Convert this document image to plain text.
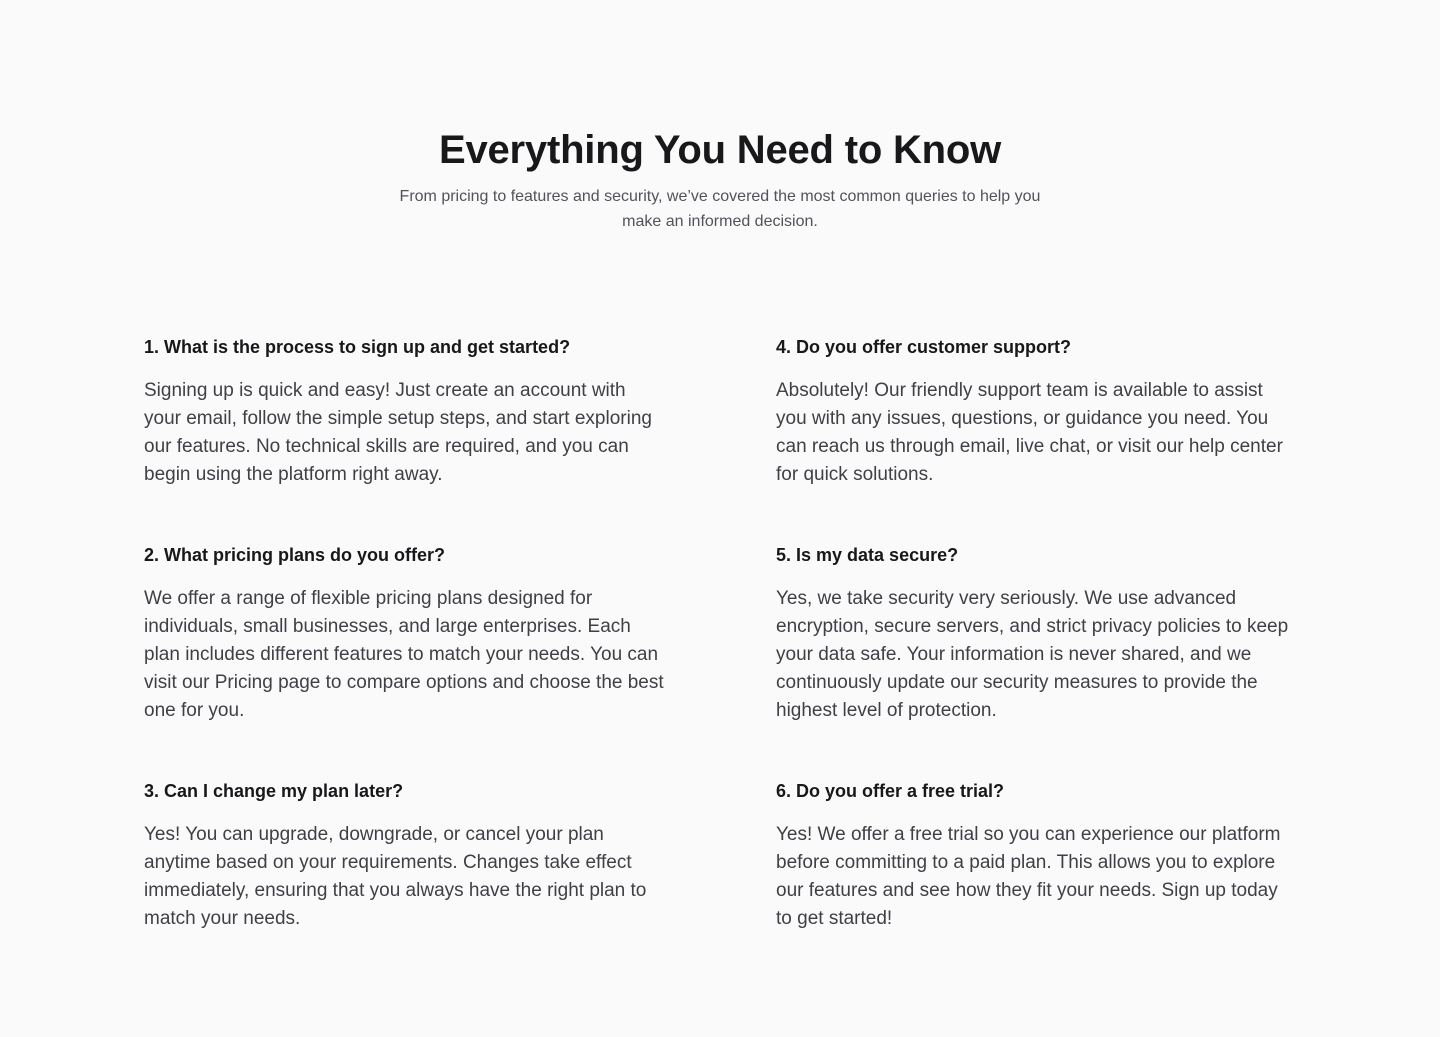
Everything You Need to Know

From pricing to features and security, we’ve covered the most common queries to help you make an informed decision.

1. What is the process to sign up and get started?

Signing up is quick and easy! Just create an account with your email, follow the simple setup steps, and start exploring our features. No technical skills are required, and you can begin using the platform right away.

2. What pricing plans do you offer?

We offer a range of flexible pricing plans designed for individuals, small businesses, and large enterprises. Each plan includes different features to match your needs. You can visit our Pricing page to compare options and choose the best one for you.

3. Can I change my plan later?

Yes! You can upgrade, downgrade, or cancel your plan anytime based on your requirements. Changes take effect immediately, ensuring that you always have the right plan to match your needs.

4. Do you offer customer support?

Absolutely! Our friendly support team is available to assist you with any issues, questions, or guidance you need. You can reach us through email, live chat, or visit our help center for quick solutions.

5. Is my data secure?

Yes, we take security very seriously. We use advanced encryption, secure servers, and strict privacy policies to keep your data safe. Your information is never shared, and we continuously update our security measures to provide the highest level of protection.

6. Do you offer a free trial?

Yes! We offer a free trial so you can experience our platform before committing to a paid plan. This allows you to explore our features and see how they fit your needs. Sign up today to get started!
